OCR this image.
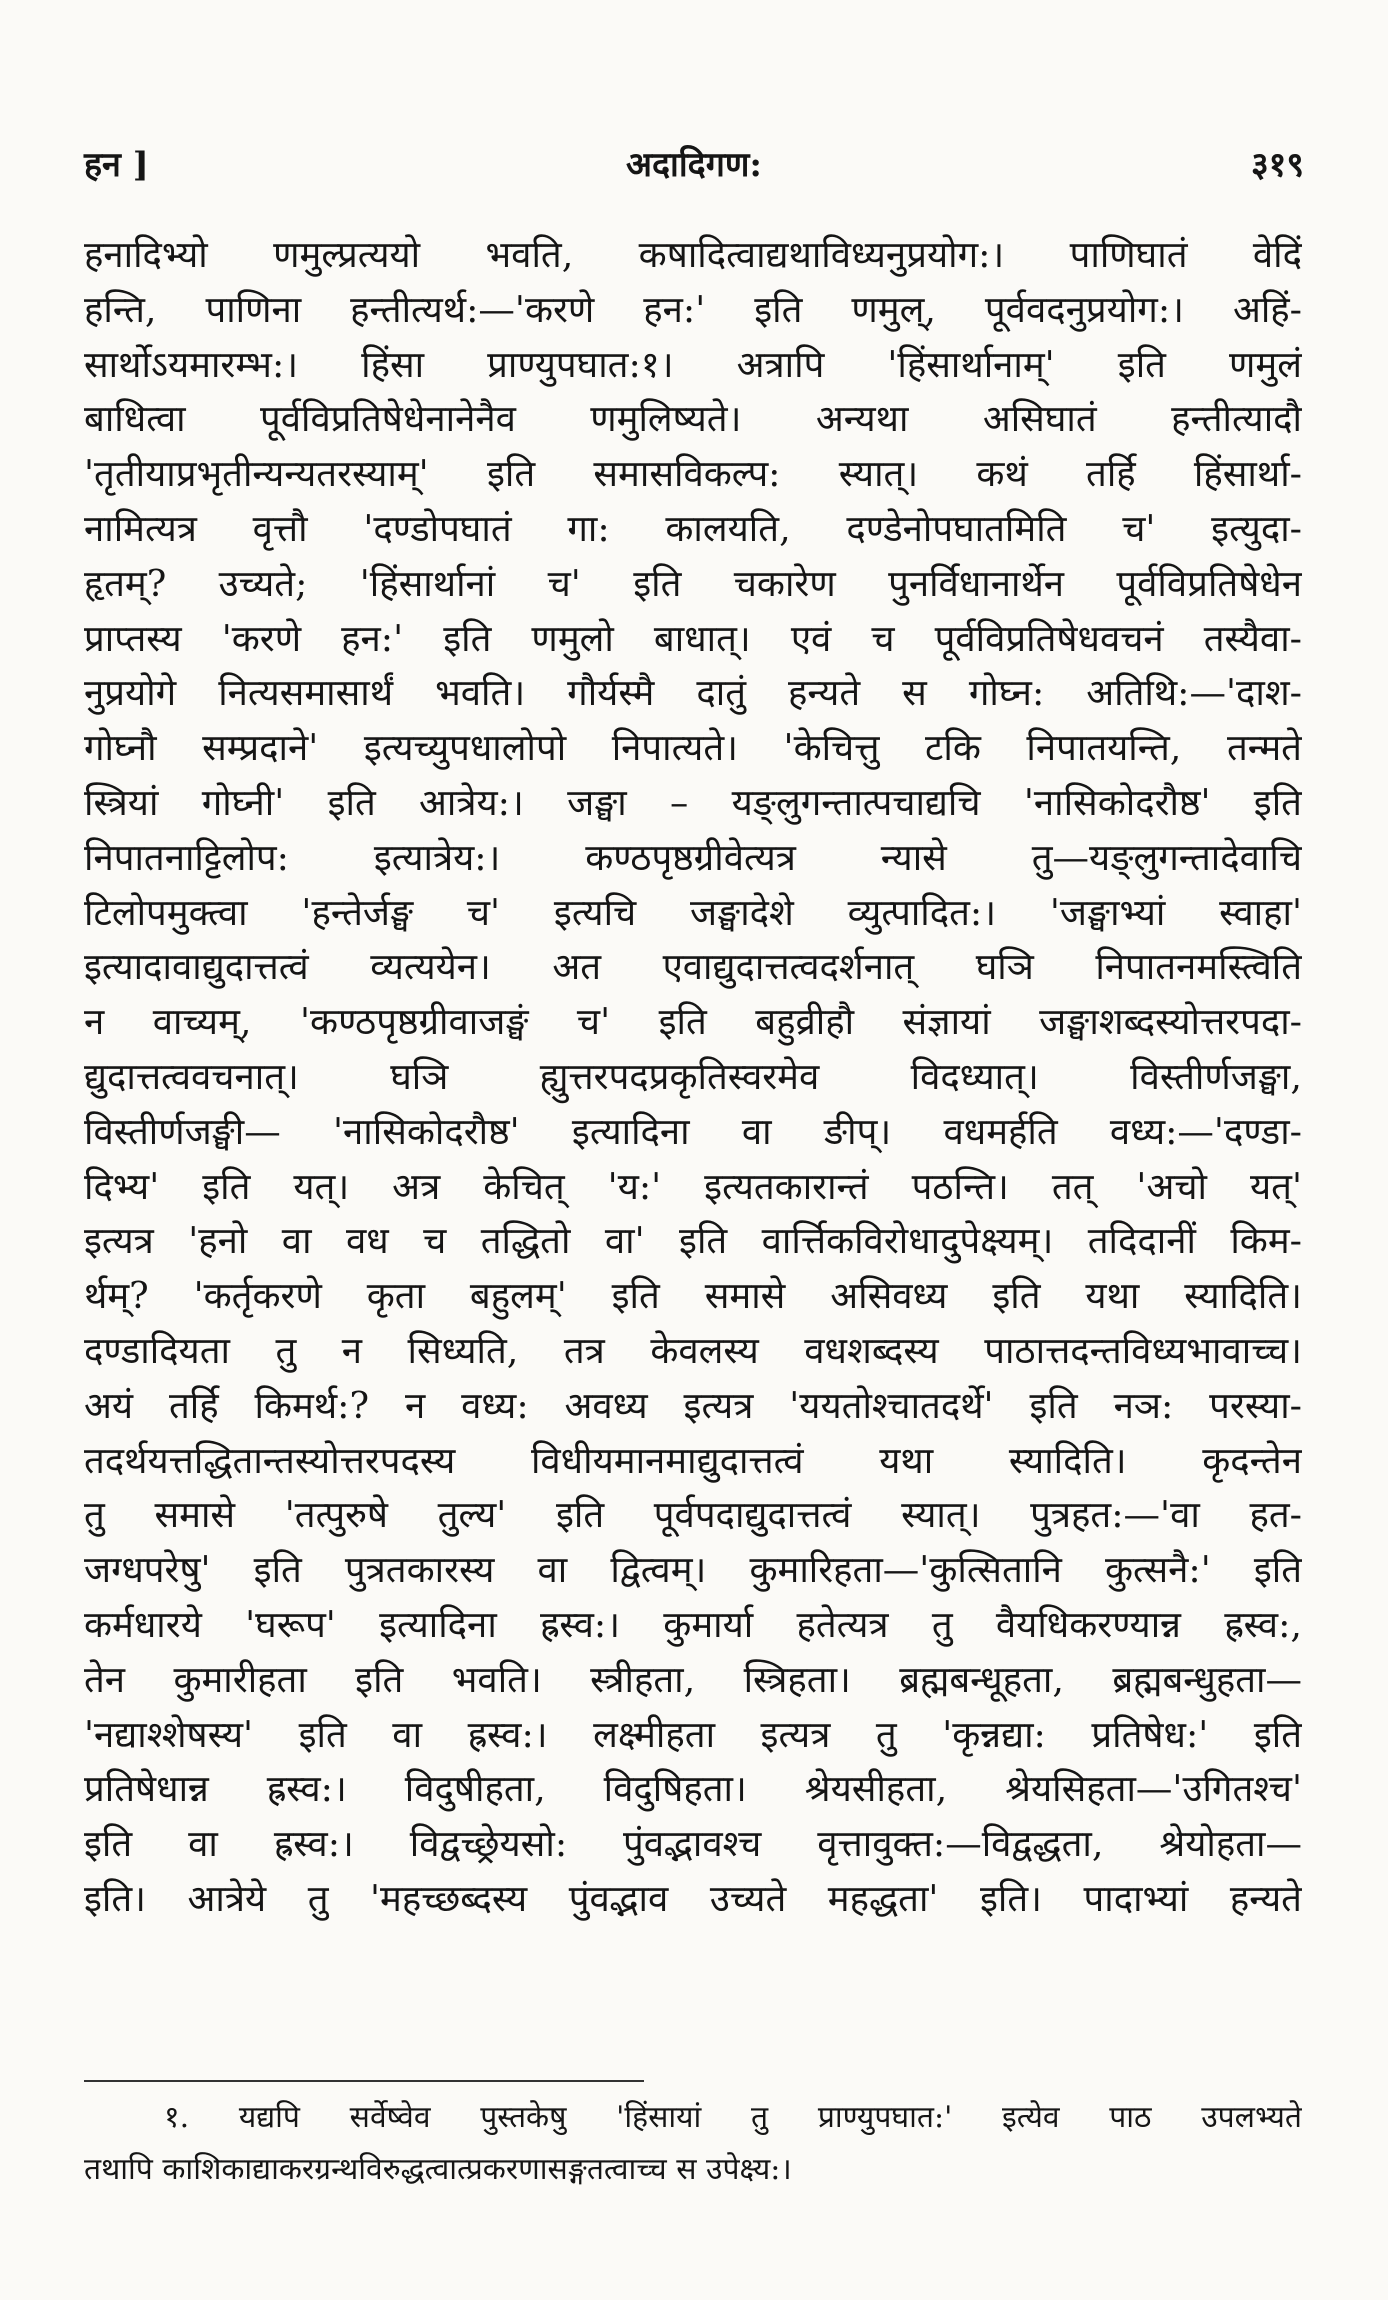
हन ]	अदादिगण:	३१९
हनादिभ्यो णमुल्प्रत्ययो भवति, कषादित्वाद्यथाविध्यनुप्रयोग:। पाणिघातं वेदिं
हन्ति, पाणिना हन्तीत्यर्थ:—'करणे हन:' इति णमुल्, पूर्ववदनुप्रयोग:। अहिं-
सार्थोऽयमारम्भ:। हिंसा प्राण्युपघात:१। अत्रापि 'हिंसार्थानाम्' इति णमुलं
बाधित्वा पूर्वविप्रतिषेधेनानेनैव णमुलिष्यते। अन्यथा असिघातं हन्तीत्यादौ
'तृतीयाप्रभृतीन्यन्यतरस्याम्' इति समासविकल्प: स्यात्। कथं तर्हि हिंसार्था-
नामित्यत्र वृत्तौ 'दण्डोपघातं गा: कालयति, दण्डेनोपघातमिति च' इत्युदा-
हृतम्? उच्यते; 'हिंसार्थानां च' इति चकारेण पुनर्विधानार्थेन पूर्वविप्रतिषेधेन
प्राप्तस्य 'करणे हन:' इति णमुलो बाधात्। एवं च पूर्वविप्रतिषेधवचनं तस्यैवा-
नुप्रयोगे नित्यसमासार्थं भवति। गौर्यस्मै दातुं हन्यते स गोघ्न: अतिथि:—'दाश-
गोघ्नौ सम्प्रदाने' इत्यच्युपधालोपो निपात्यते। 'केचित्तु टकि निपातयन्ति, तन्मते
स्त्रियां गोघ्नी' इति आत्रेय:। जङ्घा – यङ्लुगन्तात्पचाद्यचि 'नासिकोदरौष्ठ' इति
निपातनाट्टिलोप: इत्यात्रेय:। कण्ठपृष्ठग्रीवेत्यत्र न्यासे तु—यङ्लुगन्तादेवाचि
टिलोपमुक्त्वा 'हन्तेर्जङ्घ च' इत्यचि जङ्घादेशे व्युत्पादित:। 'जङ्घाभ्यां स्वाहा'
इत्यादावाद्युदात्तत्वं व्यत्ययेन। अत एवाद्युदात्तत्वदर्शनात् घञि निपातनमस्त्विति
न वाच्यम्, 'कण्ठपृष्ठग्रीवाजङ्घं च' इति बहुव्रीहौ संज्ञायां जङ्घाशब्दस्योत्तरपदा-
द्युदात्तत्ववचनात्। घञि ह्युत्तरपदप्रकृतिस्वरमेव विदध्यात्। विस्तीर्णजङ्घा,
विस्तीर्णजङ्घी— 'नासिकोदरौष्ठ' इत्यादिना वा ङीप्। वधमर्हति वध्य:—'दण्डा-
दिभ्य' इति यत्। अत्र केचित् 'य:' इत्यतकारान्तं पठन्ति। तत् 'अचो यत्'
इत्यत्र 'हनो वा वध च तद्धितो वा' इति वार्त्तिकविरोधादुपेक्ष्यम्। तदिदानीं किम-
र्थम्? 'कर्तृकरणे कृता बहुलम्' इति समासे असिवध्य इति यथा स्यादिति।
दण्डादियता तु न सिध्यति, तत्र केवलस्य वधशब्दस्य पाठात्तदन्तविध्यभावाच्च।
अयं तर्हि किमर्थ:? न वध्य: अवध्य इत्यत्र 'ययतोश्चातदर्थे' इति नञ: परस्या-
तदर्थयत्तद्धितान्तस्योत्तरपदस्य विधीयमानमाद्युदात्तत्वं यथा स्यादिति। कृदन्तेन
तु समासे 'तत्पुरुषे तुल्य' इति पूर्वपदाद्युदात्तत्वं स्यात्। पुत्रहत:—'वा हत-
जग्धपरेषु' इति पुत्रतकारस्य वा द्वित्वम्। कुमारिहता—'कुत्सितानि कुत्सनै:' इति
कर्मधारये 'घरूप' इत्यादिना ह्रस्व:। कुमार्या हतेत्यत्र तु वैयधिकरण्यान्न ह्रस्व:,
तेन कुमारीहता इति भवति। स्त्रीहता, स्त्रिहता। ब्रह्मबन्धूहता, ब्रह्मबन्धुहता—
'नद्याश्शेषस्य' इति वा ह्रस्व:। लक्ष्मीहता इत्यत्र तु 'कृन्नद्या: प्रतिषेध:' इति
प्रतिषेधान्न ह्रस्व:। विदुषीहता, विदुषिहता। श्रेयसीहता, श्रेयसिहता—'उगितश्च'
इति वा ह्रस्व:। विद्वच्छ्रेयसो: पुंवद्भावश्च वृत्तावुक्त:—विद्वद्धता, श्रेयोहता—
इति। आत्रेये तु 'महच्छब्दस्य पुंवद्भाव उच्यते महद्धता' इति। पादाभ्यां हन्यते
१. यद्यपि सर्वेष्वेव पुस्तकेषु 'हिंसायां तु प्राण्युपघात:' इत्येव पाठ उपलभ्यते
तथापि काशिकाद्याकरग्रन्थविरुद्धत्वात्प्रकरणासङ्गतत्वाच्च स उपेक्ष्य:।
